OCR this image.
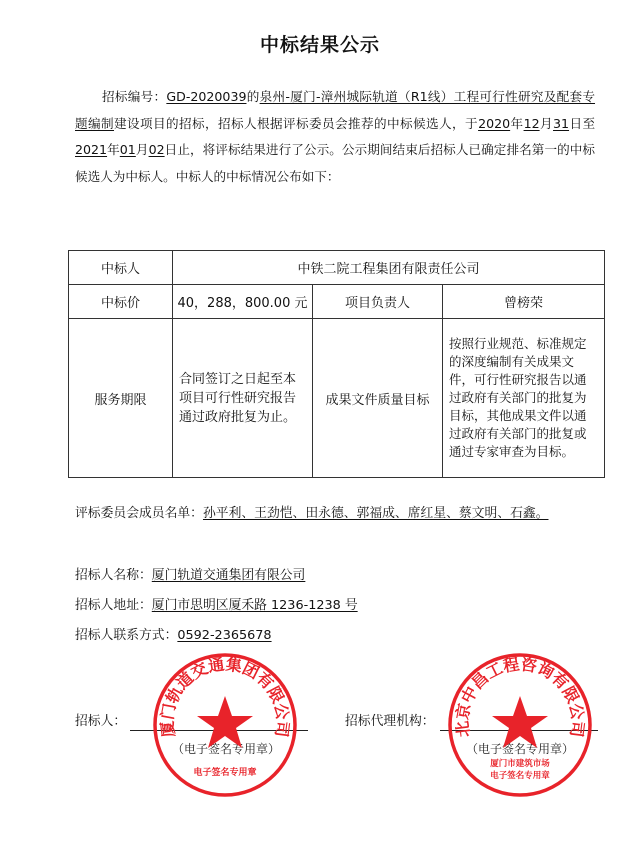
中标结果公示

招标编号：GD-2020039的泉州-厦门-漳州城际轨道（R1线）工程可行性研究及配套专题编制建设项目的招标，招标人根据评标委员会推荐的中标候选人，于2020年12月31日至2021年01月02日止，将评标结果进行了公示。公示期间结束后招标人已确定排名第一的中标候选人为中标人。中标人的中标情况公布如下：

中标人	中铁二院工程集团有限责任公司		
中标价	40，288，800.00 元	项目负责人	曾榜荣
服务期限	合同签订之日起至本项目可行性研究报告通过政府批复为止。	成果文件质量目标	按照行业规范、标准规定的深度编制有关成果文件，可行性研究报告以通过政府有关部门的批复为目标，其他成果文件以通过政府有关部门的批复或通过专家审查为目标。
评标委员会成员名单：孙平利、王劲恺、田永德、郭福成、席红星、蔡文明、石鑫。
招标人名称：厦门轨道交通集团有限公司
招标人地址：厦门市思明区厦禾路 1236-1238 号
招标人联系方式：0592-2365678
招标人：
（电子签名专用章）
招标代理机构：
（电子签名专用章）
厦门轨道交通集团有限公司
电子签名专用章
北京中昌工程咨询有限公司
厦门市建筑市场
电子签名专用章
